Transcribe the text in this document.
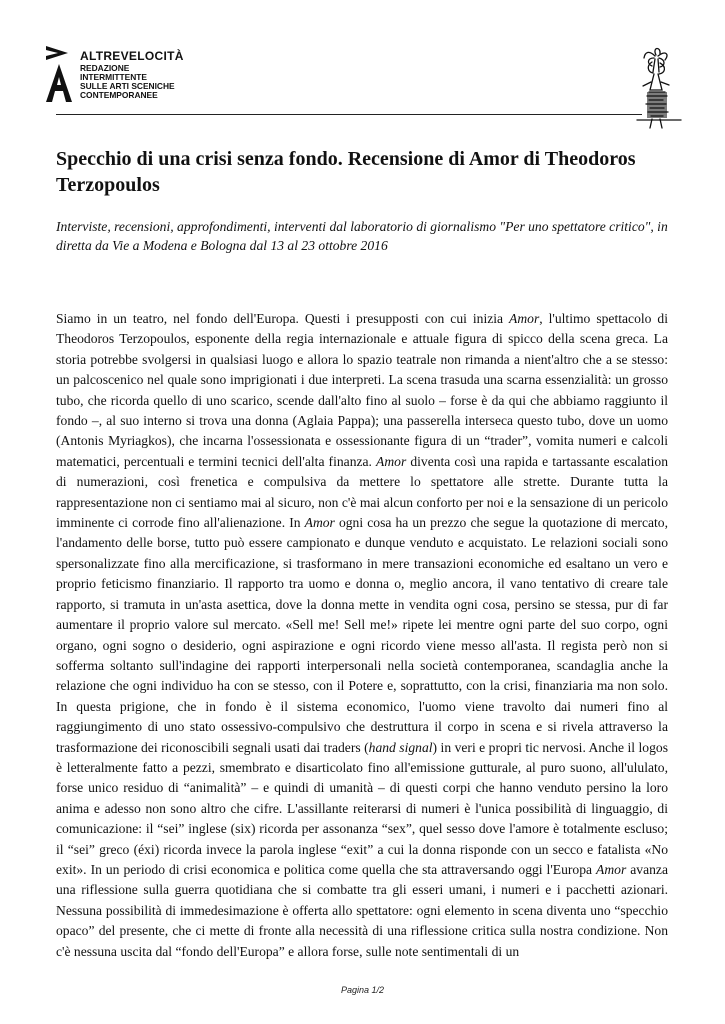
ALTREVELOCITÀ
REDAZIONE
INTERMITTENTE
SULLE ARTI SCENICHE
CONTEMPORANEE
Specchio di una crisi senza fondo. Recensione di Amor di Theodoros Terzopoulos

Interviste, recensioni, approfondimenti, interventi dal laboratorio di giornalismo "Per uno spettatore critico", in diretta da Vie a Modena e Bologna dal 13 al 23 ottobre 2016

Siamo in un teatro, nel fondo dell'Europa. Questi i presupposti con cui inizia Amor, l'ultimo spettacolo di Theodoros Terzopoulos, esponente della regia internazionale e attuale figura di spicco della scena greca. La storia potrebbe svolgersi in qualsiasi luogo e allora lo spazio teatrale non rimanda a nient'altro che a se stesso: un palcoscenico nel quale sono imprigionati i due interpreti. La scena trasuda una scarna essenzialità: un grosso tubo, che ricorda quello di uno scarico, scende dall'alto fino al suolo – forse è da qui che abbiamo raggiunto il fondo –, al suo interno si trova una donna (Aglaia Pappa); una passerella interseca questo tubo, dove un uomo (Antonis Myriagkos), che incarna l'ossessionata e ossessionante figura di un “trader”, vomita numeri e calcoli matematici, percentuali e termini tecnici dell'alta finanza. Amor diventa così una rapida e tartassante escalation di numerazioni, così frenetica e compulsiva da mettere lo spettatore alle strette. Durante tutta la rappresentazione non ci sentiamo mai al sicuro, non c'è mai alcun conforto per noi e la sensazione di un pericolo imminente ci corrode fino all'alienazione. In Amor ogni cosa ha un prezzo che segue la quotazione di mercato, l'andamento delle borse, tutto può essere campionato e dunque venduto e acquistato. Le relazioni sociali sono spersonalizzate fino alla mercificazione, si trasformano in mere transazioni economiche ed esaltano un vero e proprio feticismo finanziario. Il rapporto tra uomo e donna o, meglio ancora, il vano tentativo di creare tale rapporto, si tramuta in un'asta asettica, dove la donna mette in vendita ogni cosa, persino se stessa, pur di far aumentare il proprio valore sul mercato. «Sell me! Sell me!» ripete lei mentre ogni parte del suo corpo, ogni organo, ogni sogno o desiderio, ogni aspirazione e ogni ricordo viene messo all'asta. Il regista però non si sofferma soltanto sull'indagine dei rapporti interpersonali nella società contemporanea, scandaglia anche la relazione che ogni individuo ha con se stesso, con il Potere e, soprattutto, con la crisi, finanziaria ma non solo. In questa prigione, che in fondo è il sistema economico, l'uomo viene travolto dai numeri fino al raggiungimento di uno stato ossessivo-compulsivo che destruttura il corpo in scena e si rivela attraverso la trasformazione dei riconoscibili segnali usati dai traders (hand signal) in veri e propri tic nervosi. Anche il logos è letteralmente fatto a pezzi, smembrato e disarticolato fino all'emissione gutturale, al puro suono, all'ululato, forse unico residuo di “animalità” – e quindi di umanità – di questi corpi che hanno venduto persino la loro anima e adesso non sono altro che cifre. L'assillante reiterarsi di numeri è l'unica possibilità di linguaggio, di comunicazione: il “sei” inglese (six) ricorda per assonanza “sex”, quel sesso dove l'amore è totalmente escluso; il “sei” greco (éxi) ricorda invece la parola inglese “exit” a cui la donna risponde con un secco e fatalista «No exit». In un periodo di crisi economica e politica come quella che sta attraversando oggi l'Europa Amor avanza una riflessione sulla guerra quotidiana che si combatte tra gli esseri umani, i numeri e i pacchetti azionari. Nessuna possibilità di immedesimazione è offerta allo spettatore: ogni elemento in scena diventa uno “specchio opaco” del presente, che ci mette di fronte alla necessità di una riflessione critica sulla nostra condizione. Non c'è nessuna uscita dal “fondo dell'Europa” e allora forse, sulle note sentimentali di un

Pagina 1/2
